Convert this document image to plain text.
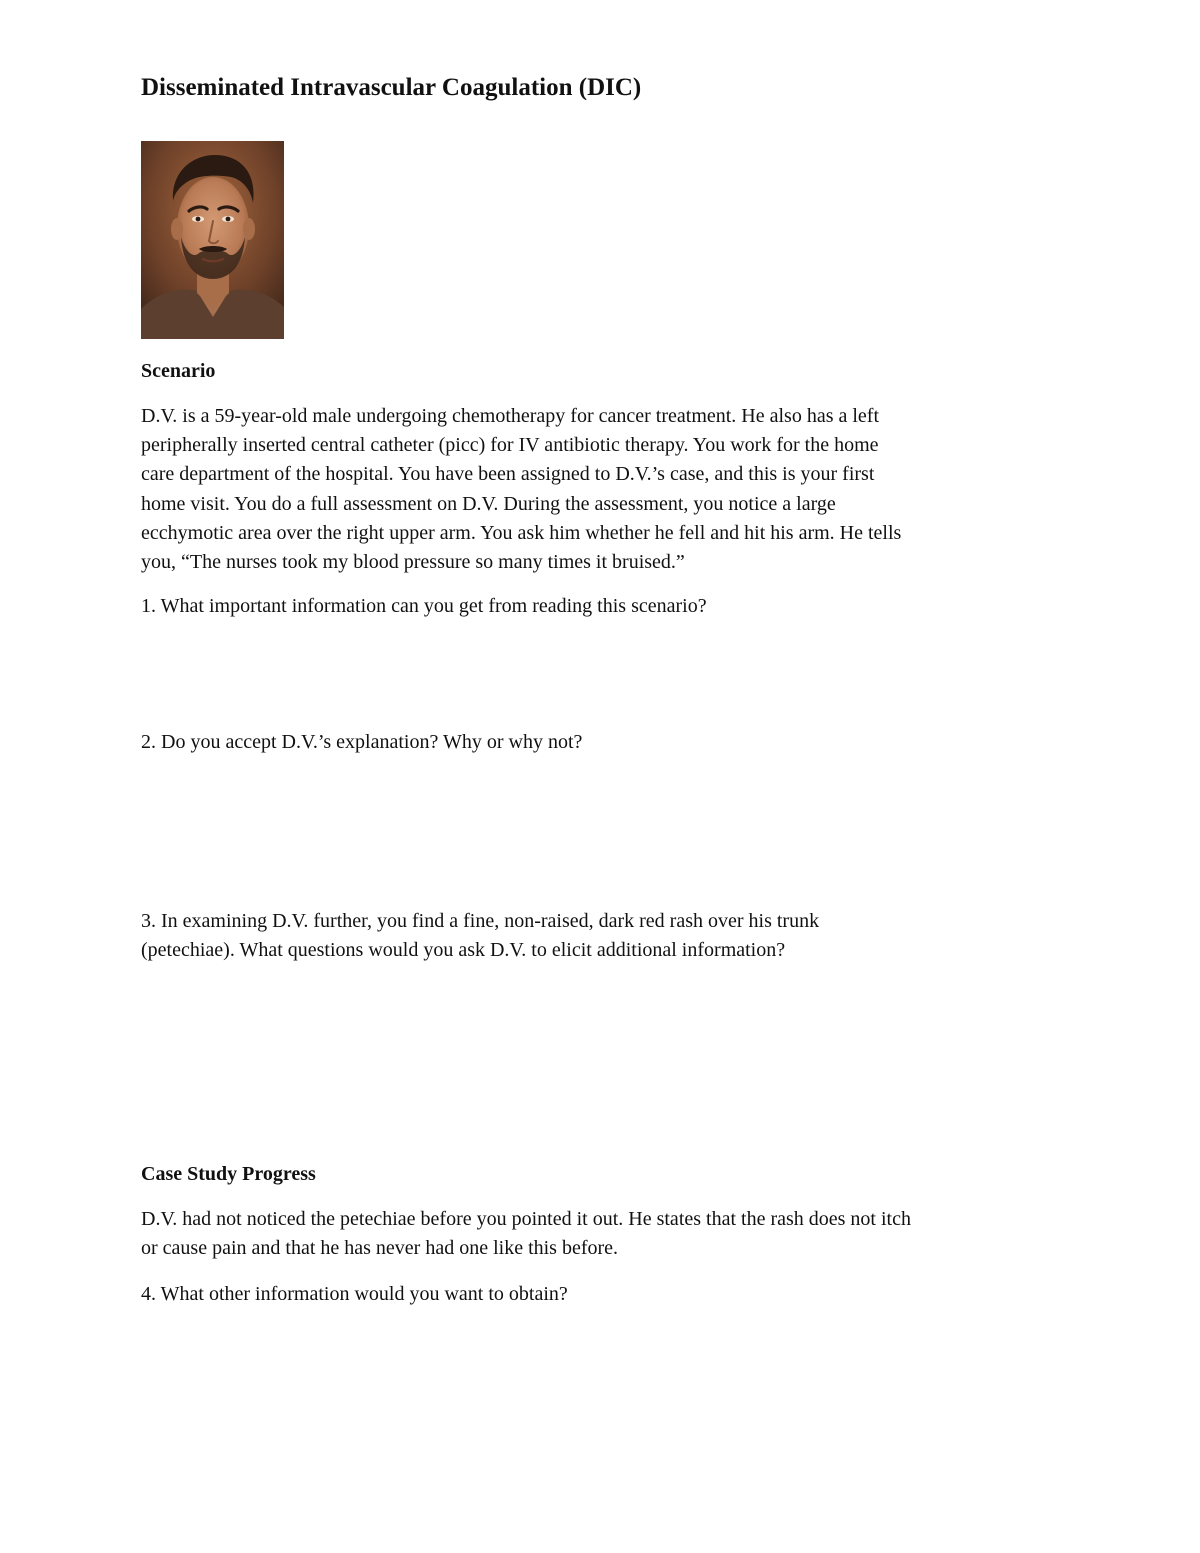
Disseminated Intravascular Coagulation (DIC)
Scenario

D.V. is a 59-year-old male undergoing chemotherapy for cancer treatment. He also has a left
peripherally inserted central catheter (picc) for IV antibiotic therapy. You work for the home
care department of the hospital. You have been assigned to D.V.’s case, and this is your first
home visit. You do a full assessment on D.V. During the assessment, you notice a large
ecchymotic area over the right upper arm. You ask him whether he fell and hit his arm. He tells
you, “The nurses took my blood pressure so many times it bruised.”

1. What important information can you get from reading this scenario?

2. Do you accept D.V.’s explanation? Why or why not?

3. In examining D.V. further, you find a fine, non-raised, dark red rash over his trunk
(petechiae). What questions would you ask D.V. to elicit additional information?

Case Study Progress

D.V. had not noticed the petechiae before you pointed it out. He states that the rash does not itch
or cause pain and that he has never had one like this before.

4. What other information would you want to obtain?
